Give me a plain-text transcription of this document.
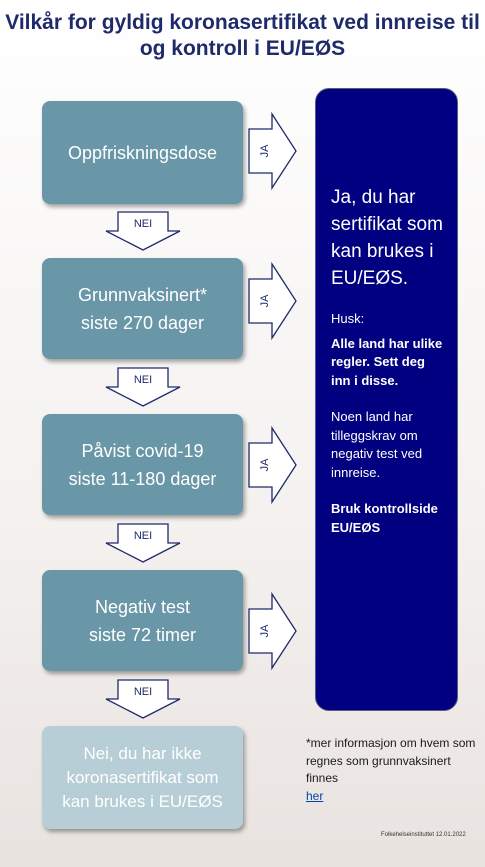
Vilkår for gyldig koronasertifikat ved innreise til og kontroll i EU/EØS
Oppfriskningsdose
Grunnvaksinert*
siste 270 dager
Påvist covid-19
siste 11-180 dager
Negativ test
siste 72 timer
Nei, du har ikke koronasertifikat som kan brukes i EU/EØS
NEI
NEI
NEI
NEI
JA
JA
JA
JA
Ja, du har sertifikat som kan brukes i EU/EØS.
Husk:
Alle land har ulike regler. Sett deg inn i disse.
Noen land har tilleggskrav om negativ test ved innreise.
Bruk kontrollside EU/EØS
*mer informasjon om hvem som regnes som grunnvaksinert finnes
her
Folkehelseinstituttet 12.01.2022
